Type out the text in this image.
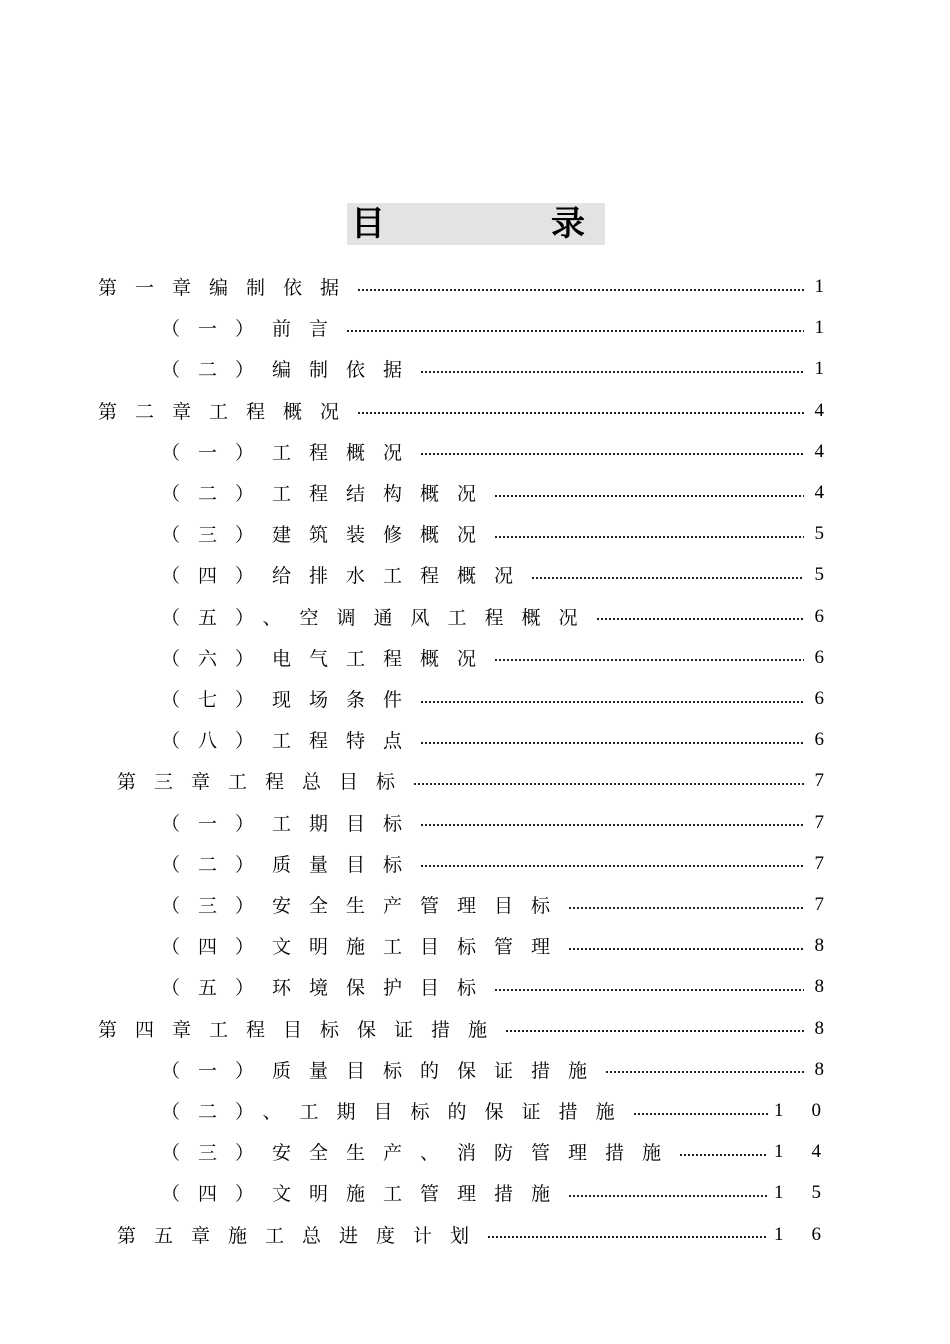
目	录
第一章编制依据	1
（一）前言	1
（二）编制依据	1
第二章工程概况	4
（一）工程概况	4
（二）工程结构概况	4
（三）建筑装修概况	5
（四）给排水工程概况	5
（五）、空调通风工程概况	6
（六）电气工程概况	6
（七）现场条件	6
（八）工程特点	6
第三章工程总目标	7
（一）工期目标	7
（二）质量目标	7
（三）安全生产管理目标	7
（四）文明施工目标管理	8
（五）环境保护目标	8
第四章工程目标保证措施	8
（一）质量目标的保证措施	8
（二）、工期目标的保证措施	10
（三）安全生产、消防管理措施	14
（四）文明施工管理措施	15
第五章施工总进度计划	16
